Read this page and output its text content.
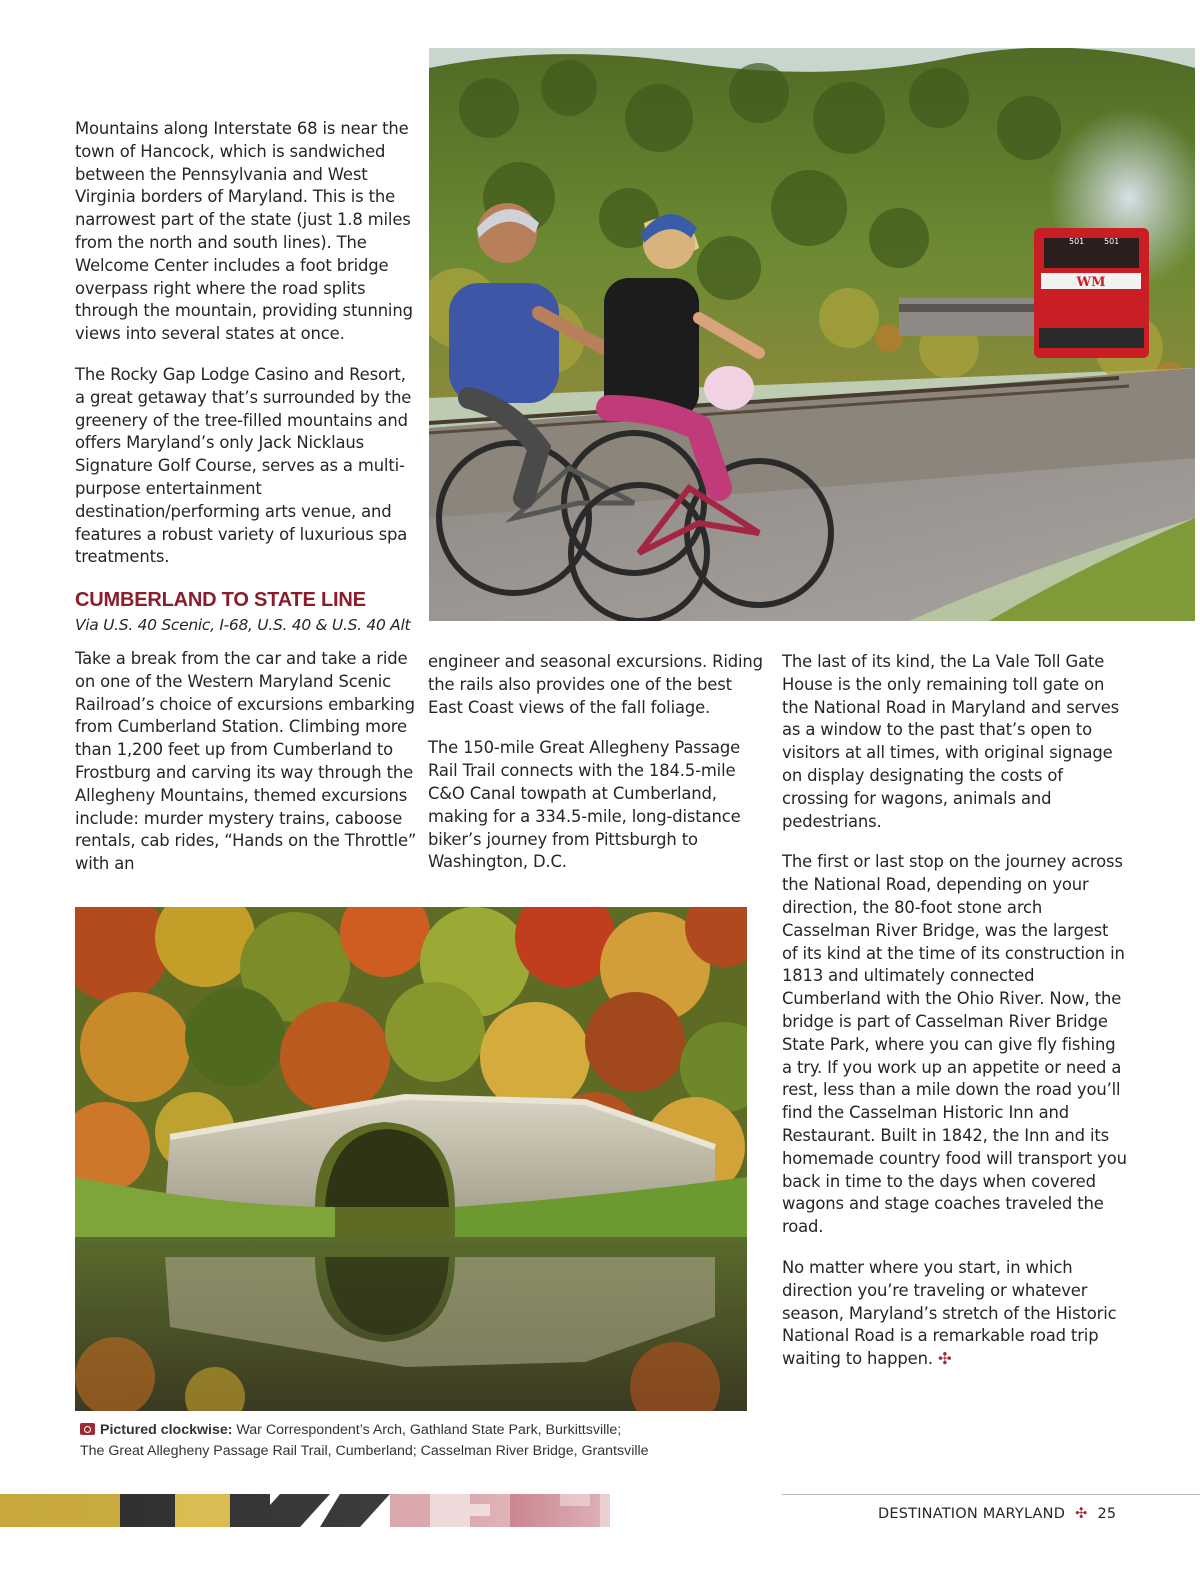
WM
501 501

Mountains along Interstate 68 is near the town of Hancock, which is sandwiched between the Pennsylvania and West Virginia borders of Maryland. This is the narrowest part of the state (just 1.8 miles from the north and south lines). The Welcome Center includes a foot bridge overpass right where the road splits through the mountain, providing stunning views into several states at once.

The Rocky Gap Lodge Casino and Resort, a great getaway that’s surrounded by the greenery of the tree-filled mountains and offers Maryland’s only Jack Nicklaus Signature Golf Course, serves as a multi-purpose entertainment destination/performing arts venue, and features a robust variety of luxurious spa treatments.

CUMBERLAND TO STATE LINE
Via U.S. 40 Scenic, I-68, U.S. 40 & U.S. 40 Alt

Take a break from the car and take a ride on one of the Western Maryland Scenic Railroad’s choice of excursions embarking from Cumberland Station. Climbing more than 1,200 feet up from Cumberland to Frostburg and carving its way through the Allegheny Mountains, themed excursions include: murder mystery trains, caboose rentals, cab rides, “Hands on the Throttle” with an

engineer and seasonal excursions. Riding the rails also provides one of the best East Coast views of the fall foliage.

The 150-mile Great Allegheny Passage Rail Trail connects with the 184.5-mile C&O Canal towpath at Cumberland, making for a 334.5-mile, long-distance biker’s journey from Pittsburgh to Washington, D.C.

The last of its kind, the La Vale Toll Gate House is the only remaining toll gate on the National Road in Maryland and serves as a window to the past that’s open to visitors at all times, with original signage on display designating the costs of crossing for wagons, animals and pedestrians.

The first or last stop on the journey across the National Road, depending on your direction, the 80-foot stone arch Casselman River Bridge, was the largest of its kind at the time of its construction in 1813 and ultimately connected Cumberland with the Ohio River. Now, the bridge is part of Casselman River Bridge State Park, where you can give fly fishing a try. If you work up an appetite or need a rest, less than a mile down the road you’ll find the Casselman Historic Inn and Restaurant. Built in 1842, the Inn and its homemade country food will transport you back in time to the days when covered wagons and stage coaches traveled the road.

No matter where you start, in which direction you’re traveling or whatever season, Maryland’s stretch of the Historic National Road is a remarkable road trip waiting to happen. ✣

Pictured clockwise: War Correspondent’s Arch, Gathland State Park, Burkittsville;
The Great Allegheny Passage Rail Trail, Cumberland; Casselman River Bridge, Grantsville
DESTINATION MARYLAND ✣ 25
